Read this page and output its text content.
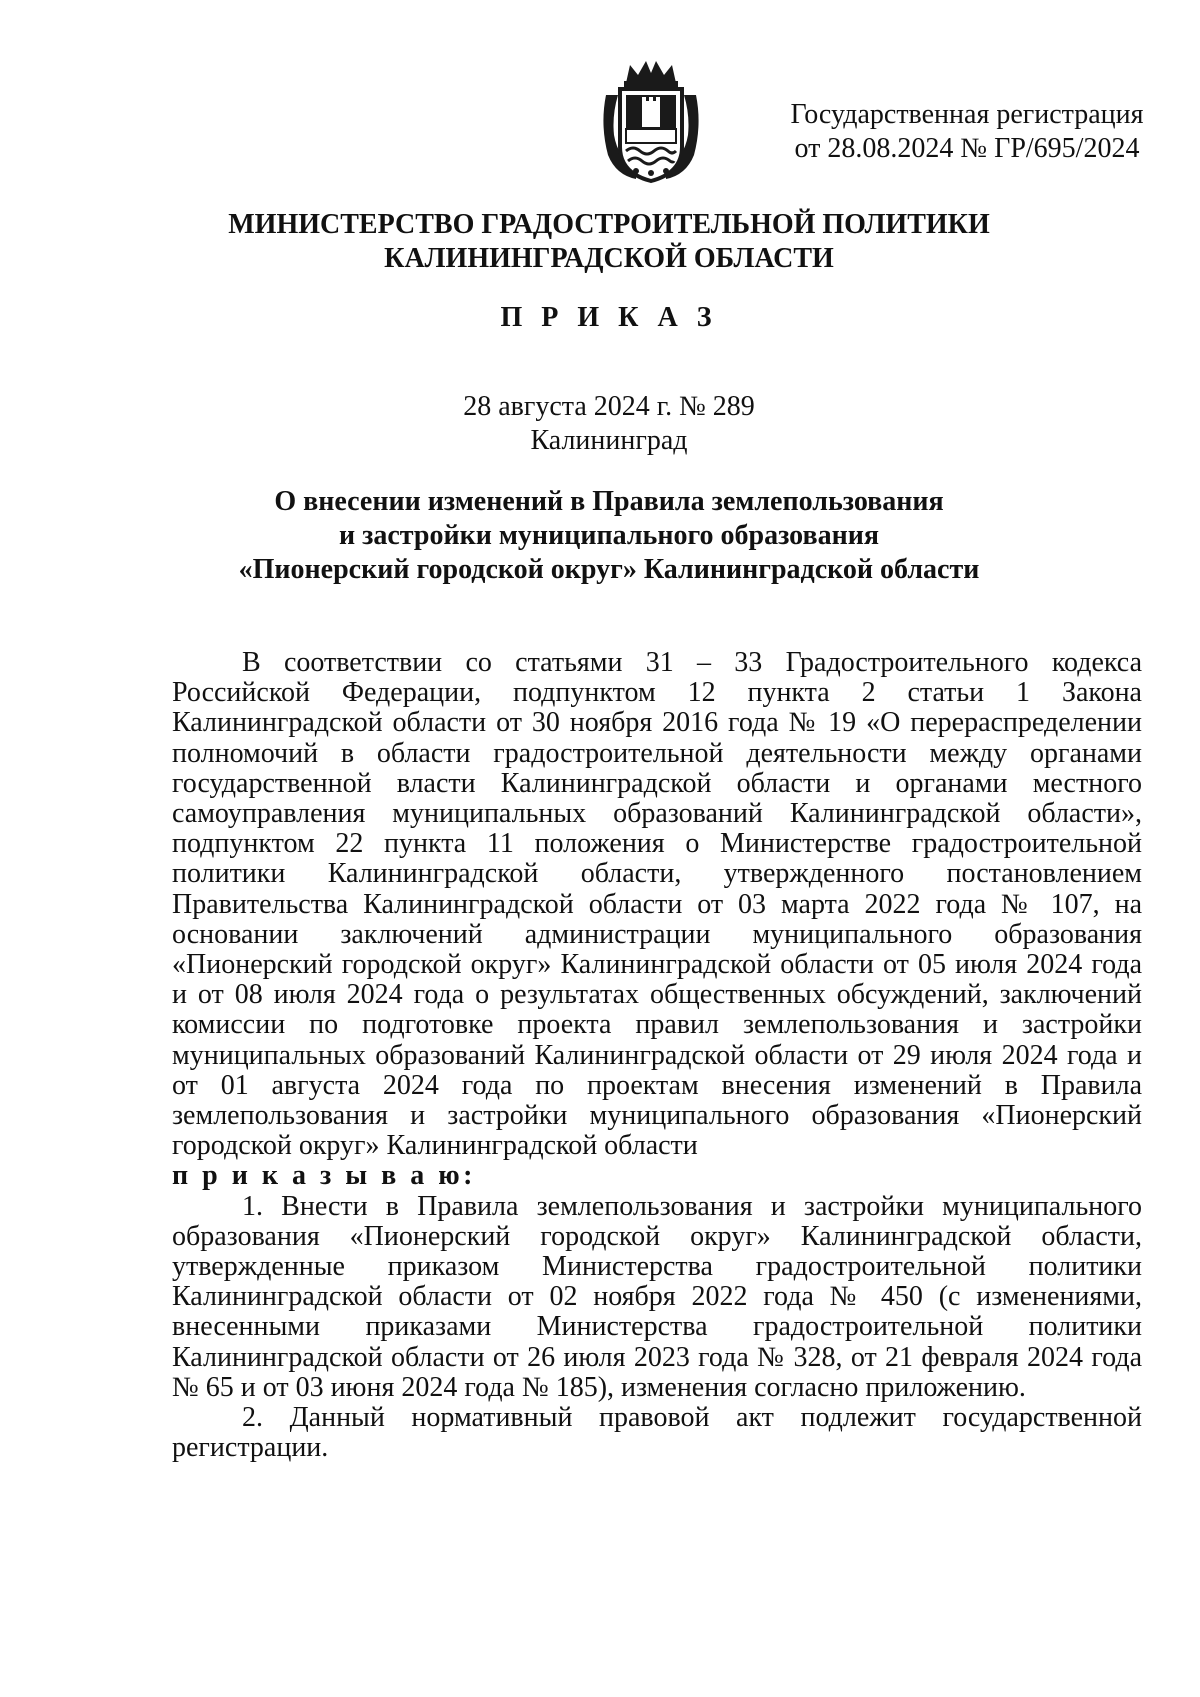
Государственная регистрация
от 28.08.2024 № ГР/695/2024
МИНИСТЕРСТВО ГРАДОСТРОИТЕЛЬНОЙ ПОЛИТИКИ
КАЛИНИНГРАДСКОЙ ОБЛАСТИ
П Р И К А З
28 августа 2024 г. № 289
Калининград
О внесении изменений в Правила землепользования
и застройки муниципального образования
«Пионерский городской округ» Калининградской области

В соответствии со статьями 31 – 33 Градостроительного кодекса Российской Федерации, подпунктом 12 пункта 2 статьи 1 Закона Калининградской области от 30 ноября 2016 года № 19 «О перераспределении полномочий в области градостроительной деятельности между органами государственной власти Калининградской области и органами местного самоуправления муниципальных образований Калининградской области», подпунктом 22 пункта 11 положения о Министерстве градостроительной политики Калининградской области, утвержденного постановлением Правительства Калининградской области от 03 марта 2022 года № 107, на основании заключений администрации муниципального образования «Пионерский городской округ» Калининградской области от 05 июля 2024 года и от 08 июля 2024 года о результатах общественных обсуждений, заключений комиссии по подготовке проекта правил землепользования и застройки муниципальных образований Калининградской области от 29 июля 2024 года и от 01 августа 2024 года по проектам внесения изменений в Правила землепользования и застройки муниципального образования «Пионерский городской округ» Калининградской области

п р и к а з ы в а ю:

1. Внести в Правила землепользования и застройки муниципального образования «Пионерский городской округ» Калининградской области, утвержденные приказом Министерства градостроительной политики Калининградской области от 02 ноября 2022 года № 450 (с изменениями, внесенными приказами Министерства градостроительной политики Калининградской области от 26 июля 2023 года № 328, от 21 февраля 2024 года № 65 и от 03 июня 2024 года № 185), изменения согласно приложению.

2. Данный нормативный правовой акт подлежит государственной регистрации.
